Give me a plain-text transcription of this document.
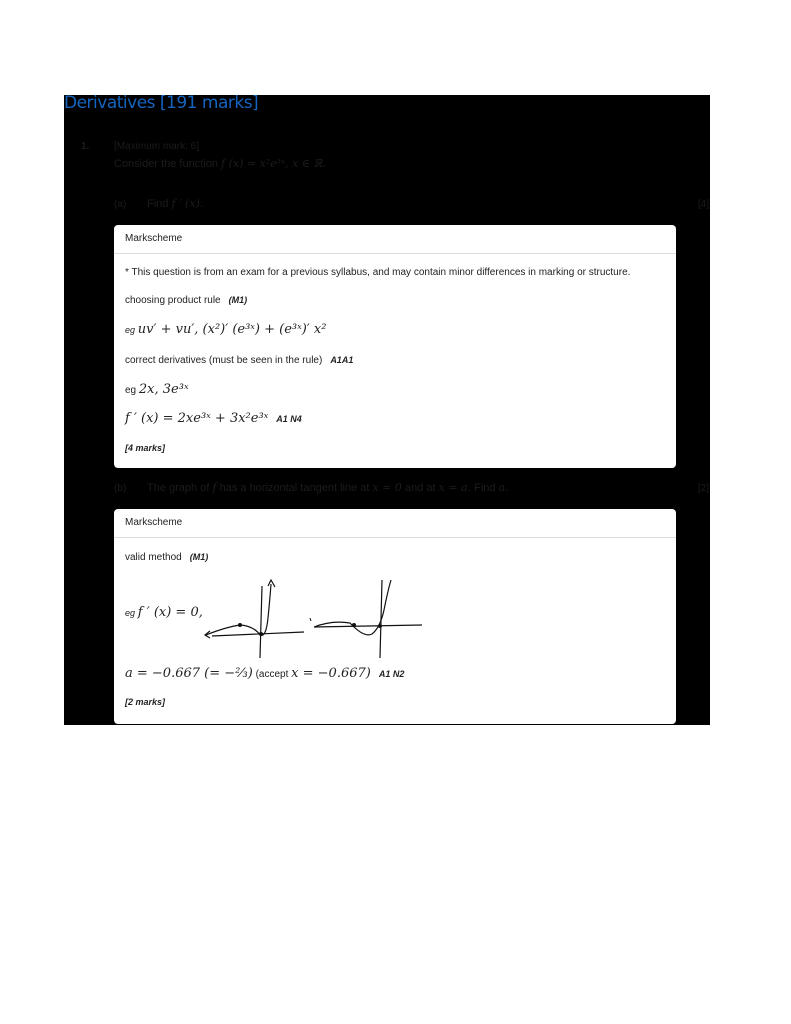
Derivatives [191 marks]
1. [Maximum mark: 6]
Consider the function f (x) = x²e³ˣ, x ∈ ℝ.
(a) Find f ′ (x).	[4]
Markscheme
* This question is from an exam for a previous syllabus, and may contain minor differences in marking or structure.
choosing product rule (M1)
eg uv′ + vu′, (x²)′ (e³ˣ) + (e³ˣ)′ x²
correct derivatives (must be seen in the rule) A1A1
eg 2x, 3e³ˣ
f ′ (x) = 2xe³ˣ + 3x²e³ˣ A1 N4
[4 marks]
(b) The graph of f has a horizontal tangent line at x = 0 and at x = a. Find a.	[2]
Markscheme
valid method (M1)
eg f ′ (x) = 0,
a = −0.667 (= −⅔) (accept x = −0.667) A1 N2
[2 marks]
